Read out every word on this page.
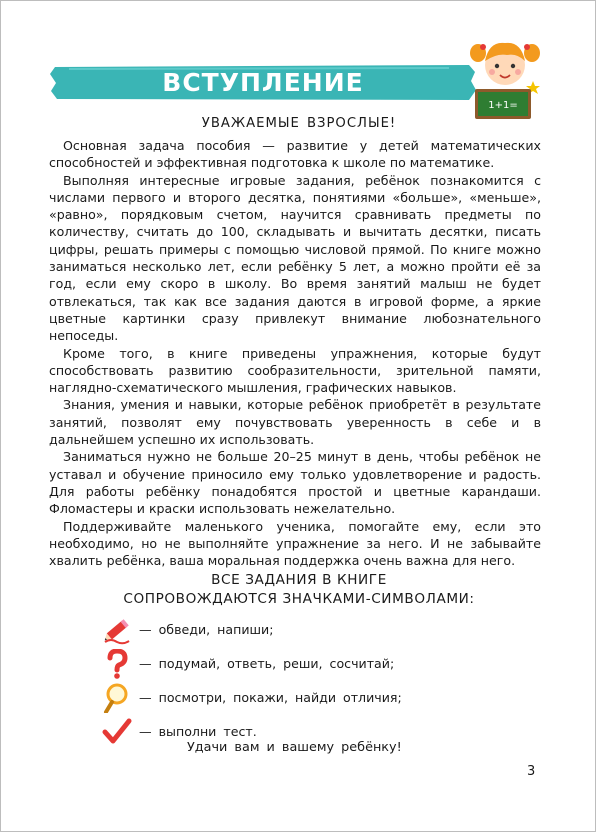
ВСТУПЛЕНИЕ
1+1=
УВАЖАЕМЫЕ ВЗРОСЛЫЕ!

Основная задача пособия — развитие у детей математических способностей и эффективная подготовка к школе по математике.

Выполняя интересные игровые задания, ребёнок познакомится с числами первого и второго десятка, понятиями «больше», «меньше», «равно», порядковым счетом, научится сравнивать предметы по количеству, считать до 100, складывать и вычитать десятки, писать цифры, решать примеры с помощью числовой прямой. По книге можно заниматься несколько лет, если ребёнку 5 лет, а можно пройти её за год, если ему скоро в школу. Во время занятий малыш не будет отвлекаться, так как все задания даются в игровой форме, а яркие цветные картинки сразу привлекут внимание любознательного непоседы.

Кроме того, в книге приведены упражнения, которые будут способствовать развитию сообразительности, зрительной памяти, наглядно-схематического мышления, графических навыков.

Знания, умения и навыки, которые ребёнок приобретёт в результате занятий, позволят ему почувствовать уверенность в себе и в дальнейшем успешно их использовать.

Заниматься нужно не больше 20–25 минут в день, чтобы ребёнок не уставал и обучение приносило ему только удовлетворение и радость. Для работы ребёнку понадобятся простой и цветные карандаши. Фломастеры и краски использовать нежелательно.

Поддерживайте маленького ученика, помогайте ему, если это необходимо, но не выполняйте упражнение за него. И не забывайте хвалить ребёнка, ваша моральная поддержка очень важна для него.

ВСЕ ЗАДАНИЯ В КНИГЕ
СОПРОВОЖДАЮТСЯ ЗНАЧКАМИ-СИМВОЛАМИ:
— обведи, напиши;
— подумай, ответь, реши, сосчитай;
— посмотри, покажи, найди отличия;
— выполни тест.
Удачи вам и вашему ребёнку!
3
